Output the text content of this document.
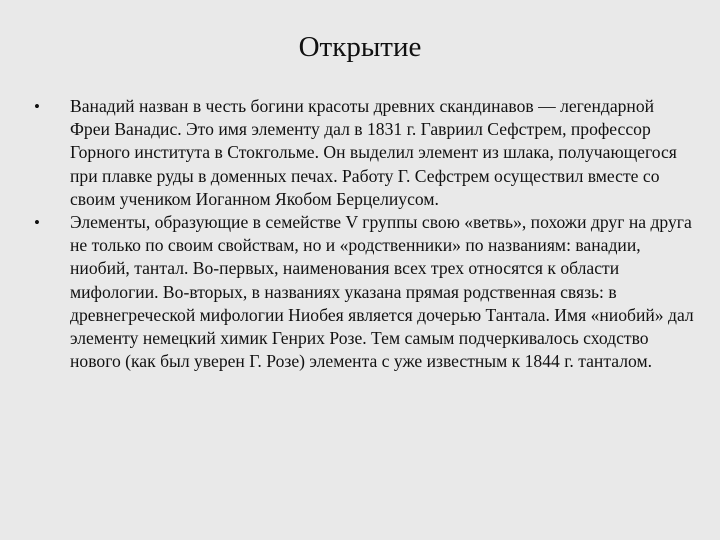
Открытие
• Ванадий назван в честь богини красоты древних скандинавов — легендарной Фреи Ванадис. Это имя элементу дал в 1831 г. Гавриил Сефстрем, профессор Горного института в Стокгольме. Он выделил элемент из шлака, получающегося при плавке руды в доменных печах. Работу Г. Сефстрем осуществил вместе со своим учеником Иоганном Якобом Берцелиусом.
• Элементы, образующие в семействе V группы свою «ветвь», похожи друг на друга не только по своим свойствам, но и «родственники» по названиям: ванадии, ниобий, тантал. Во-первых, наименования всех трех относятся к области мифологии. Во-вторых, в названиях указана прямая родственная связь: в древнегреческой мифологии Ниобея является дочерью Тантала. Имя «ниобий» дал элементу немецкий химик Генрих Розе. Тем самым подчеркивалось сходство нового (как был уверен Г. Розе) элемента с уже известным к 1844 г. танталом.
